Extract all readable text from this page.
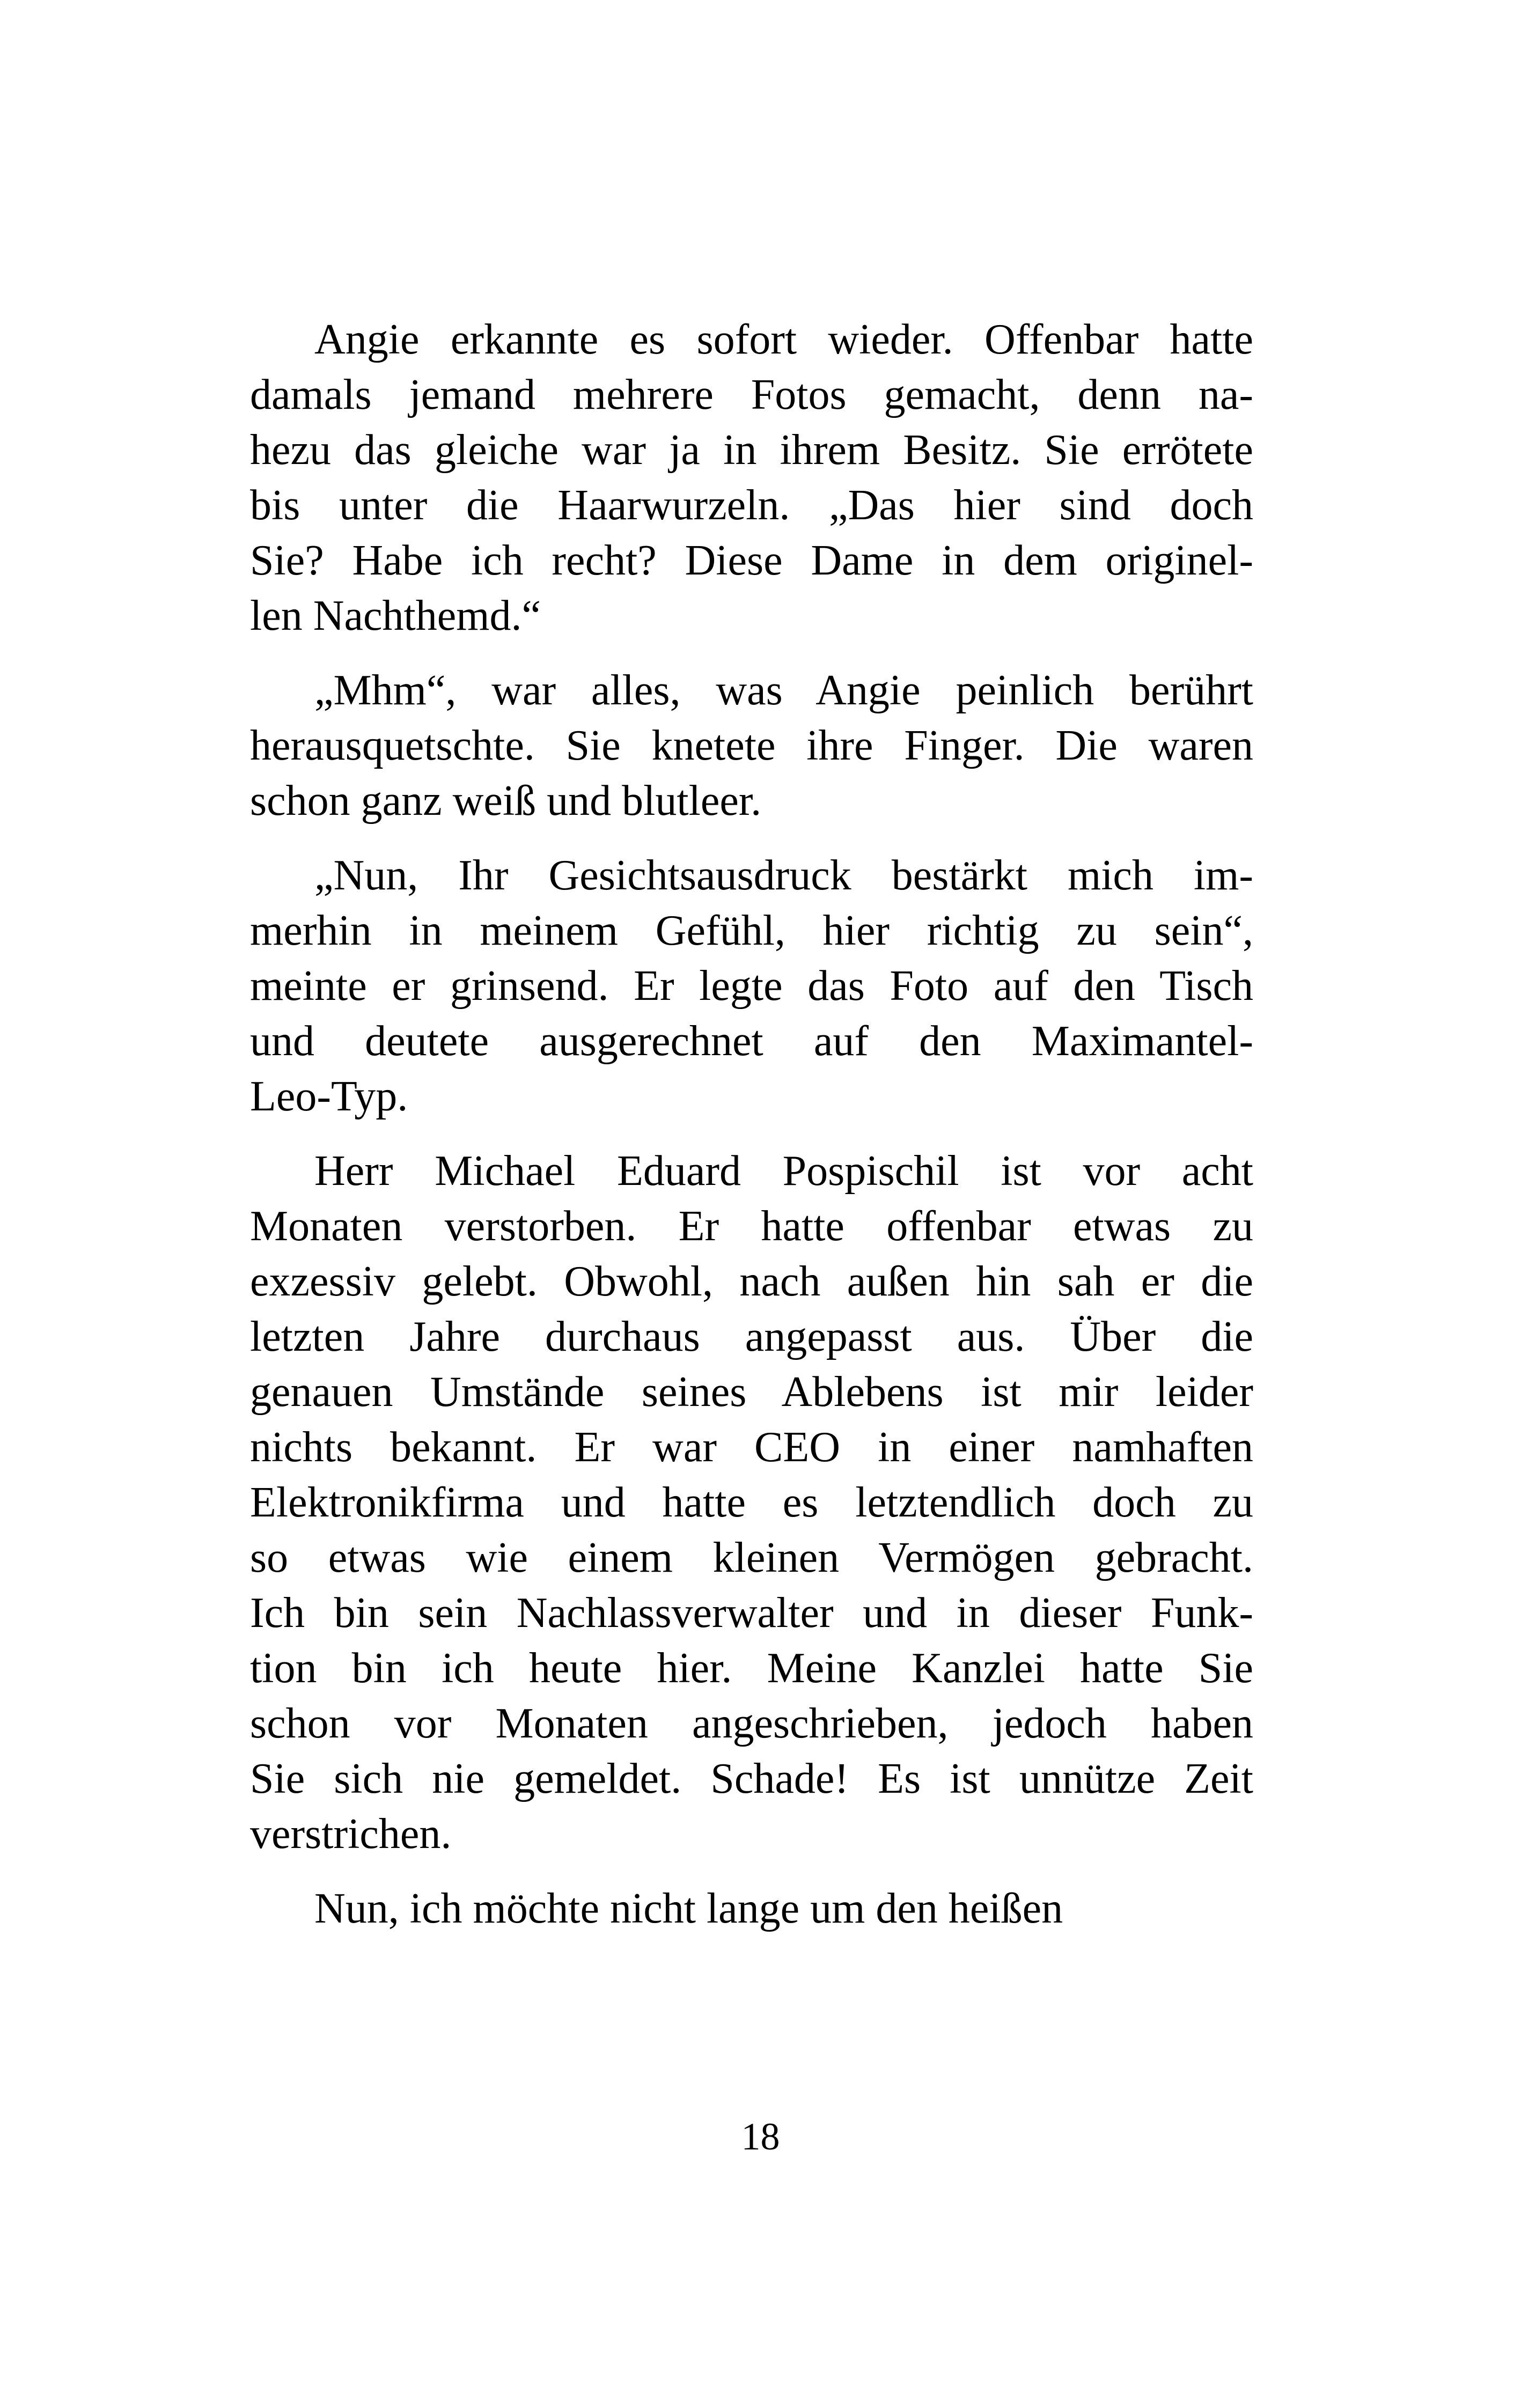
Angie erkannte es sofort wieder. Offenbar hatte
damals jemand mehrere Fotos gemacht, denn na-
hezu das gleiche war ja in ihrem Besitz. Sie errötete
bis unter die Haarwurzeln. „Das hier sind doch
Sie? Habe ich recht? Diese Dame in dem originel-
len Nachthemd.“

„Mhm“, war alles, was Angie peinlich berührt
herausquetschte. Sie knetete ihre Finger. Die waren
schon ganz weiß und blutleer.

„Nun, Ihr Gesichtsausdruck bestärkt mich im-
merhin in meinem Gefühl, hier richtig zu sein“,
meinte er grinsend. Er legte das Foto auf den Tisch
und deutete ausgerechnet auf den Maximantel-
Leo-Typ.

Herr Michael Eduard Pospischil ist vor acht
Monaten verstorben. Er hatte offenbar etwas zu
exzessiv gelebt. Obwohl, nach außen hin sah er die
letzten Jahre durchaus angepasst aus. Über die
genauen Umstände seines Ablebens ist mir leider
nichts bekannt. Er war CEO in einer namhaften
Elektronikfirma und hatte es letztendlich doch zu
so etwas wie einem kleinen Vermögen gebracht.
Ich bin sein Nachlassverwalter und in dieser Funk-
tion bin ich heute hier. Meine Kanzlei hatte Sie
schon vor Monaten angeschrieben, jedoch haben
Sie sich nie gemeldet. Schade! Es ist unnütze Zeit
verstrichen.

Nun, ich möchte nicht lange um den heißen

18
